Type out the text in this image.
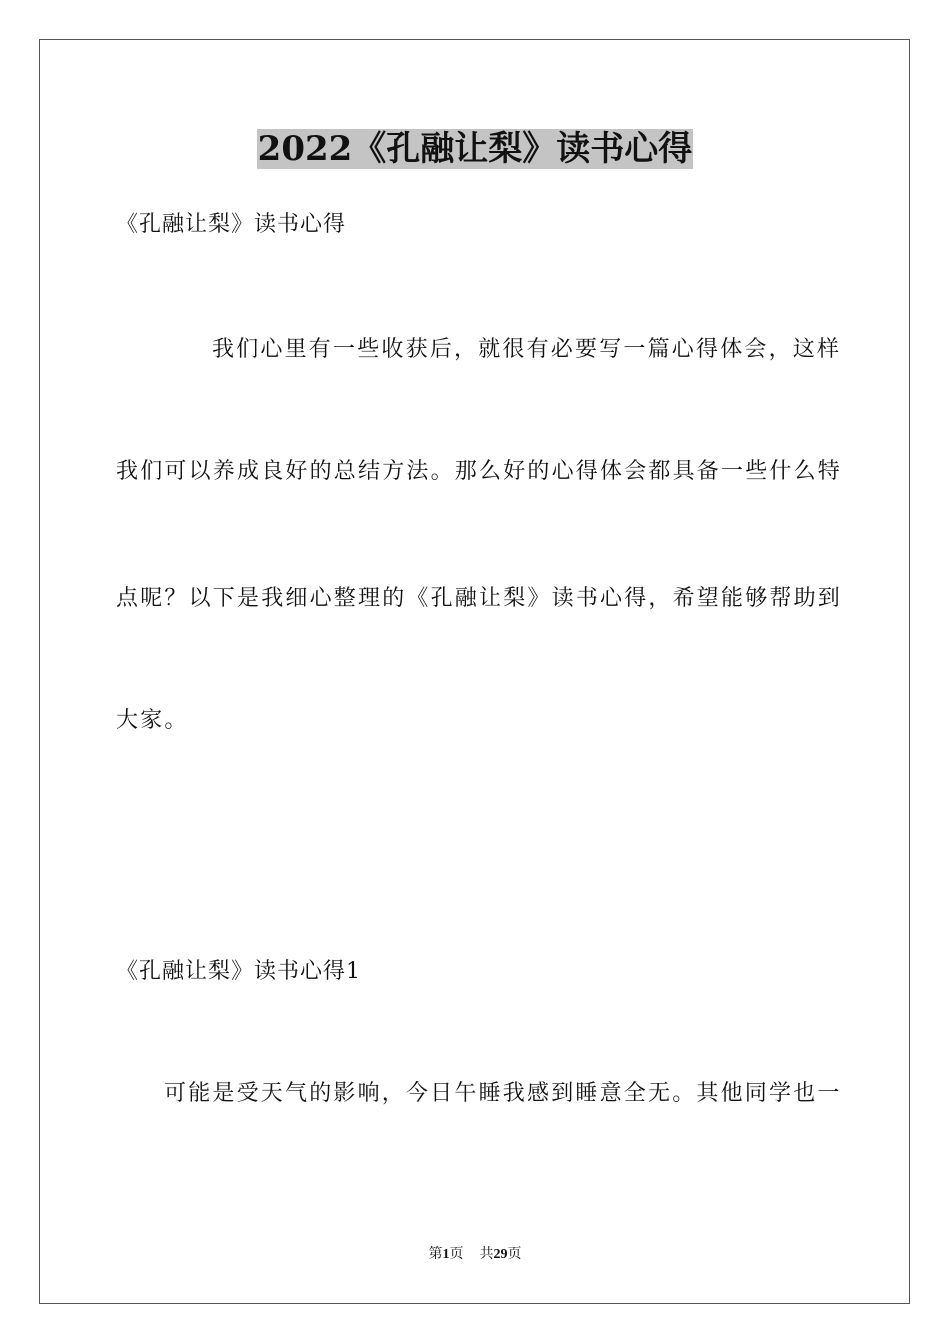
2022《孔融让梨》读书心得
《孔融让梨》读书心得
我们心里有一些收获后，就很有必要写一篇心得体会，这样
我们可以养成良好的总结方法。那么好的心得体会都具备一些什么特
点呢？以下是我细心整理的《孔融让梨》读书心得，希望能够帮助到
大家。
《孔融让梨》读书心得1
可能是受天气的影响，今日午睡我感到睡意全无。其他同学也一
第1页 共29页
